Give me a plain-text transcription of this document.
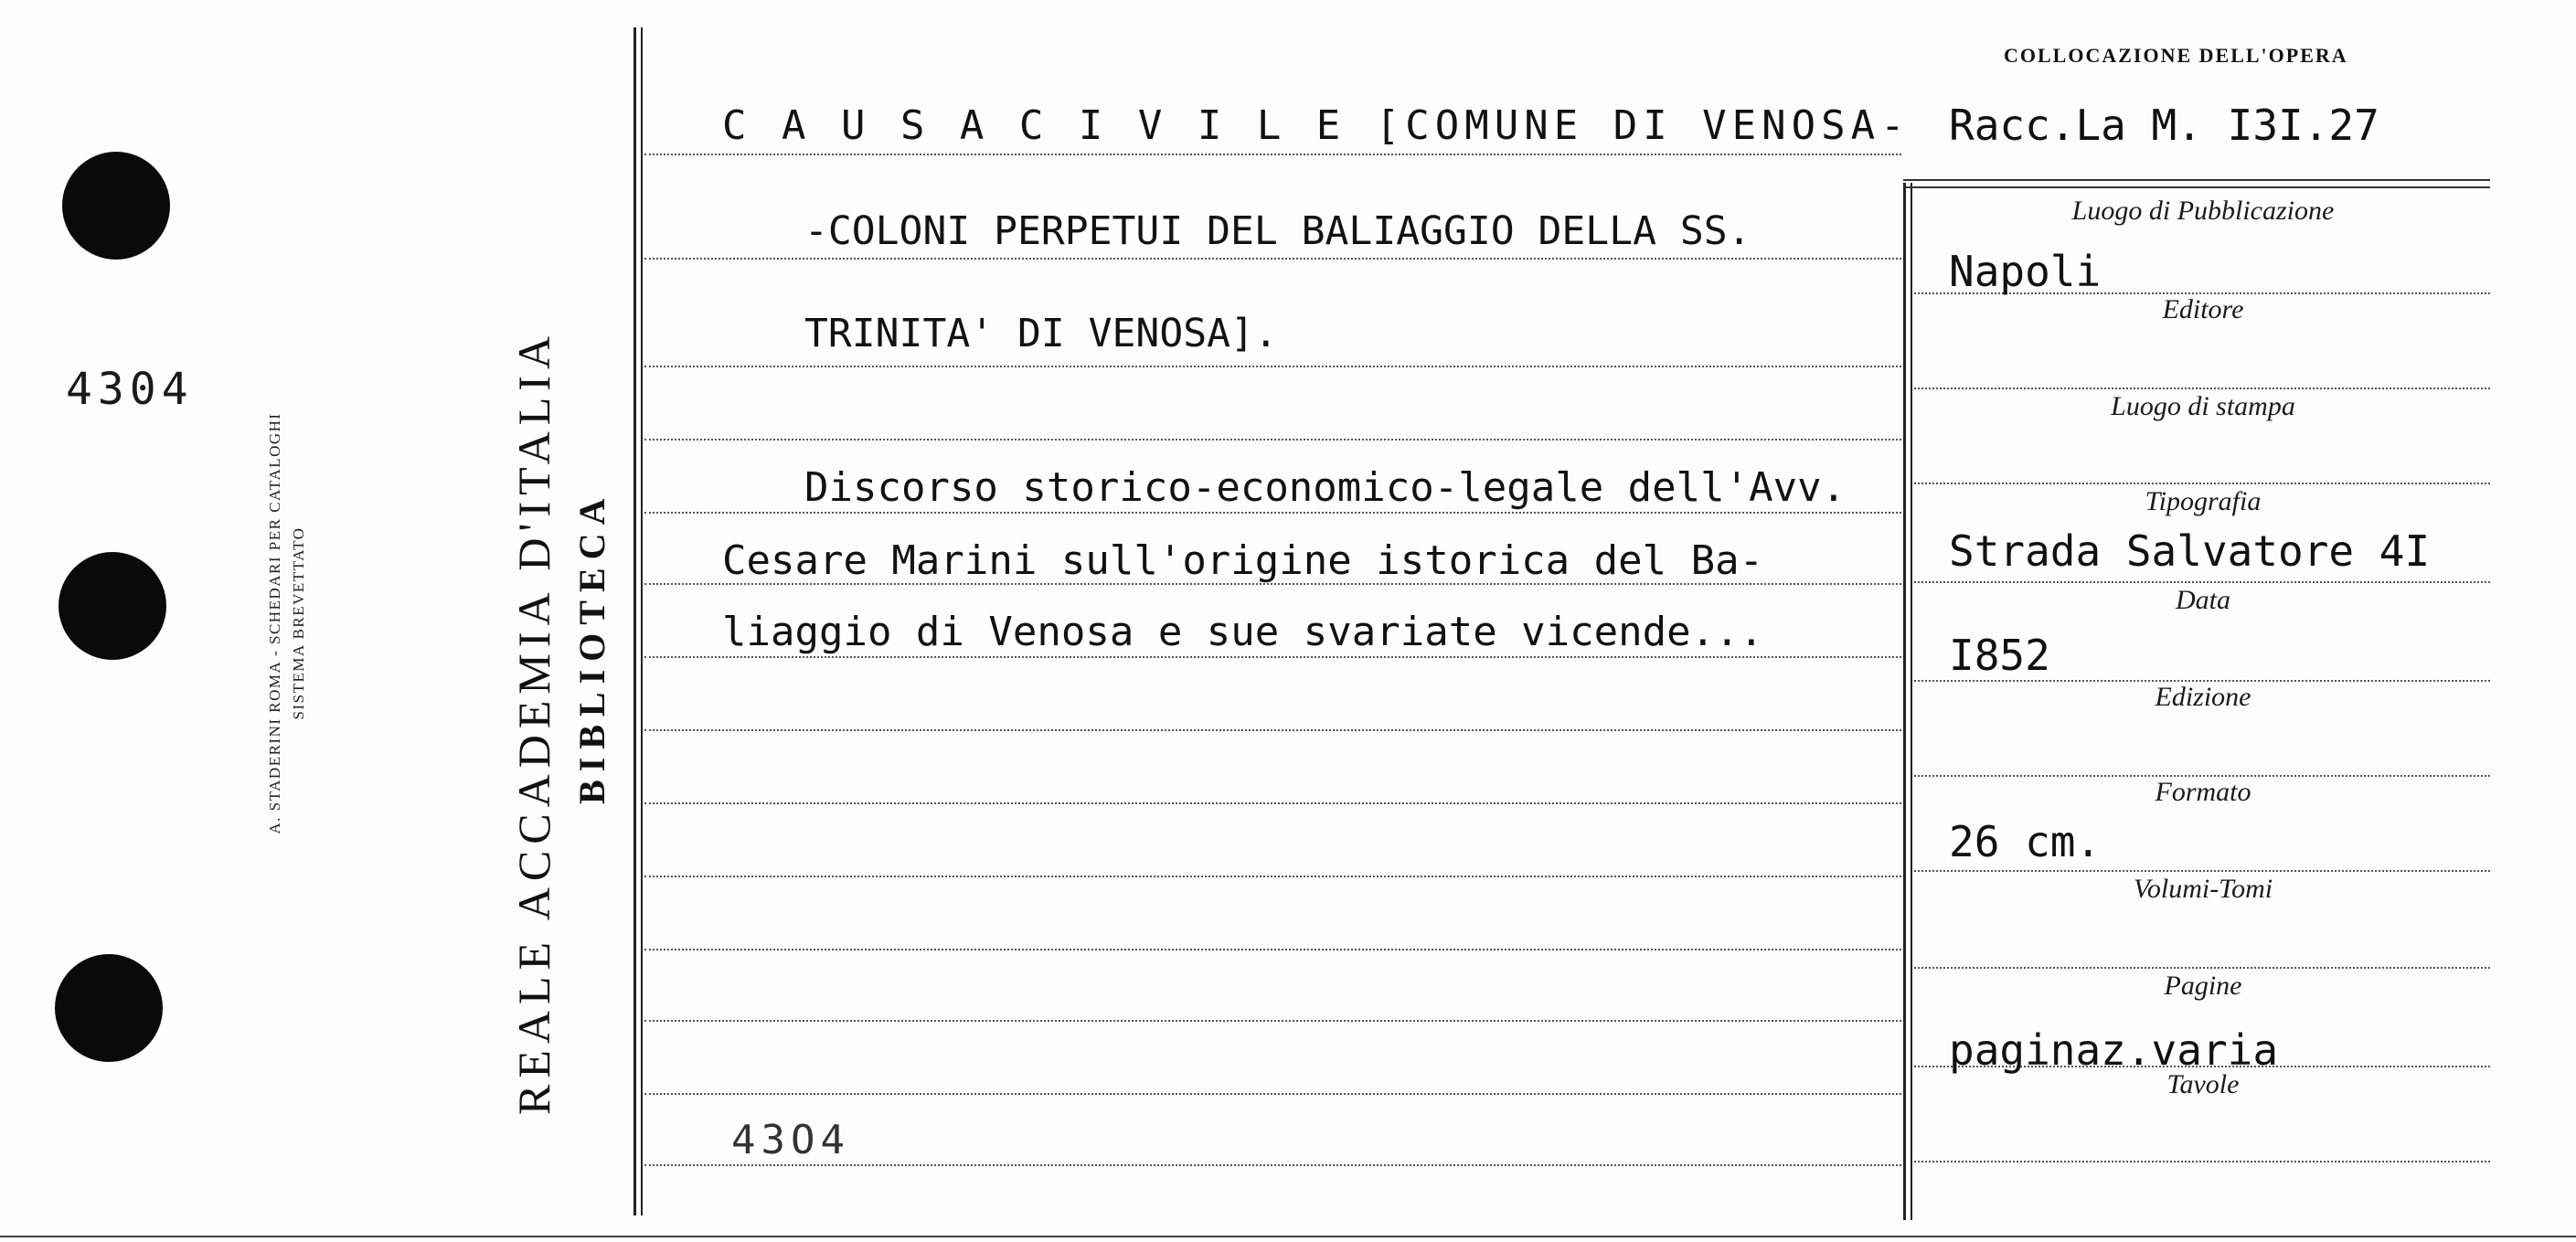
4304
A. STADERINI ROMA - SCHEDARI PER CATALOGHI SISTEMA BREVETTATO	REALE ACCADEMIA D'ITALIA BIBLIOTECA
C A U S A C I V I L E [COMUNE DI VENOSA-
-COLONI PERPETUI DEL BALIAGGIO DELLA SS.
TRINITA' DI VENOSA].
Discorso storico-economico-legale dell'Avv.
Cesare Marini sull'origine istorica del Ba-
liaggio di Venosa e sue svariate vicende...
43O4
COLLOCAZIONE DELL'OPERA
Racc.La M. I3I.27
Luogo di Pubblicazione
Napoli
Editore
Luogo di stampa
Tipografia
Strada Salvatore 4I
Data
I852
Edizione
Formato
26 cm.
Volumi-Tomi
Pagine
paginaz.varia
Tavole
